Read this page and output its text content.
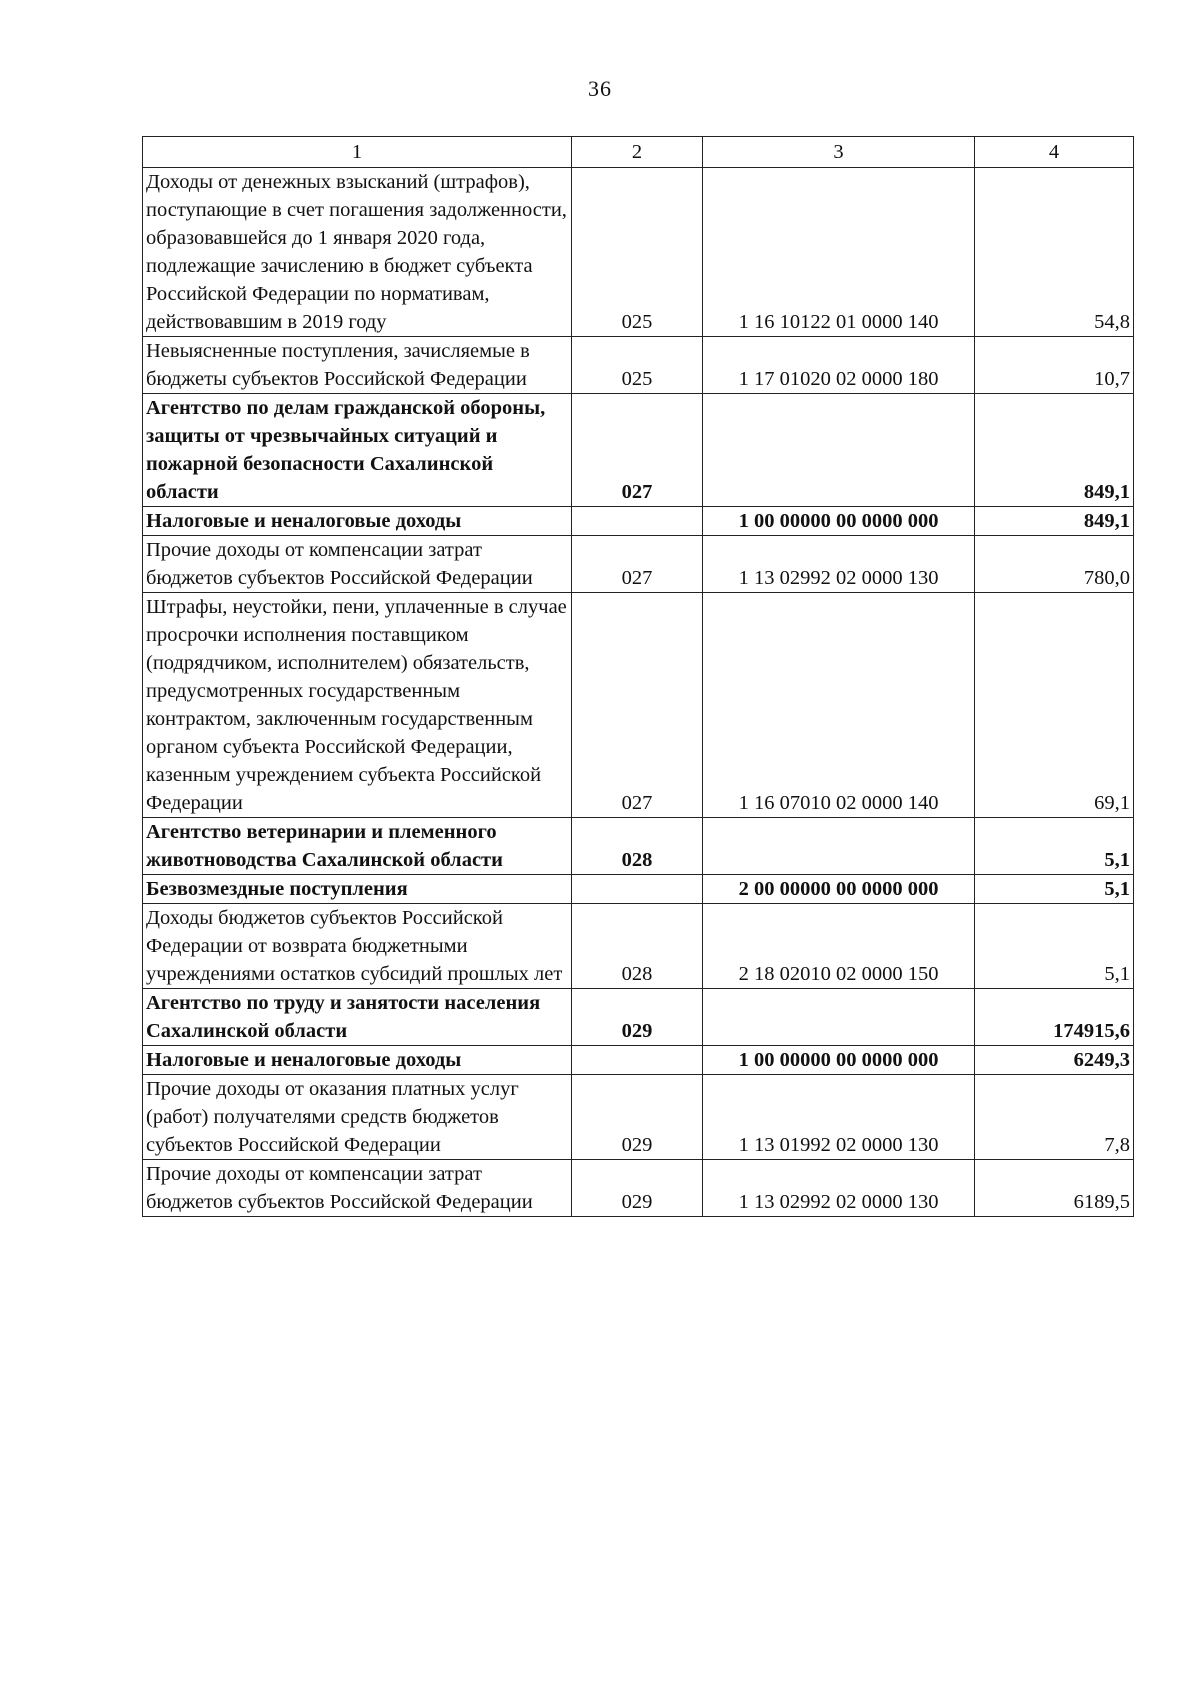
36
1	2	3	4
Доходы от денежных взысканий (штрафов), поступающие в счет погашения задолженности, образовавшейся до 1 января 2020 года, подлежащие зачислению в бюджет субъекта Российской Федерации по нормативам, действовавшим в 2019 году	025	1 16 10122 01 0000 140	54,8
Невыясненные поступления, зачисляемые в бюджеты субъектов Российской Федерации	025	1 17 01020 02 0000 180	10,7
Агентство по делам гражданской обороны, защиты от чрезвычайных ситуаций и пожарной безопасности Сахалинской области	027		849,1
Налоговые и неналоговые доходы		1 00 00000 00 0000 000	849,1
Прочие доходы от компенсации затрат бюджетов субъектов Российской Федерации	027	1 13 02992 02 0000 130	780,0
Штрафы, неустойки, пени, уплаченные в случае просрочки исполнения поставщиком (подрядчиком, исполнителем) обязательств, предусмотренных государственным контрактом, заключенным государственным органом субъекта Российской Федерации, казенным учреждением субъекта Российской Федерации	027	1 16 07010 02 0000 140	69,1
Агентство ветеринарии и племенного животноводства Сахалинской области	028		5,1
Безвозмездные поступления		2 00 00000 00 0000 000	5,1
Доходы бюджетов субъектов Российской Федерации от возврата бюджетными учреждениями остатков субсидий прошлых лет	028	2 18 02010 02 0000 150	5,1
Агентство по труду и занятости населения Сахалинской области	029		174915,6
Налоговые и неналоговые доходы		1 00 00000 00 0000 000	6249,3
Прочие доходы от оказания платных услуг (работ) получателями средств бюджетов субъектов Российской Федерации	029	1 13 01992 02 0000 130	7,8
Прочие доходы от компенсации затрат бюджетов субъектов Российской Федерации	029	1 13 02992 02 0000 130	6189,5
